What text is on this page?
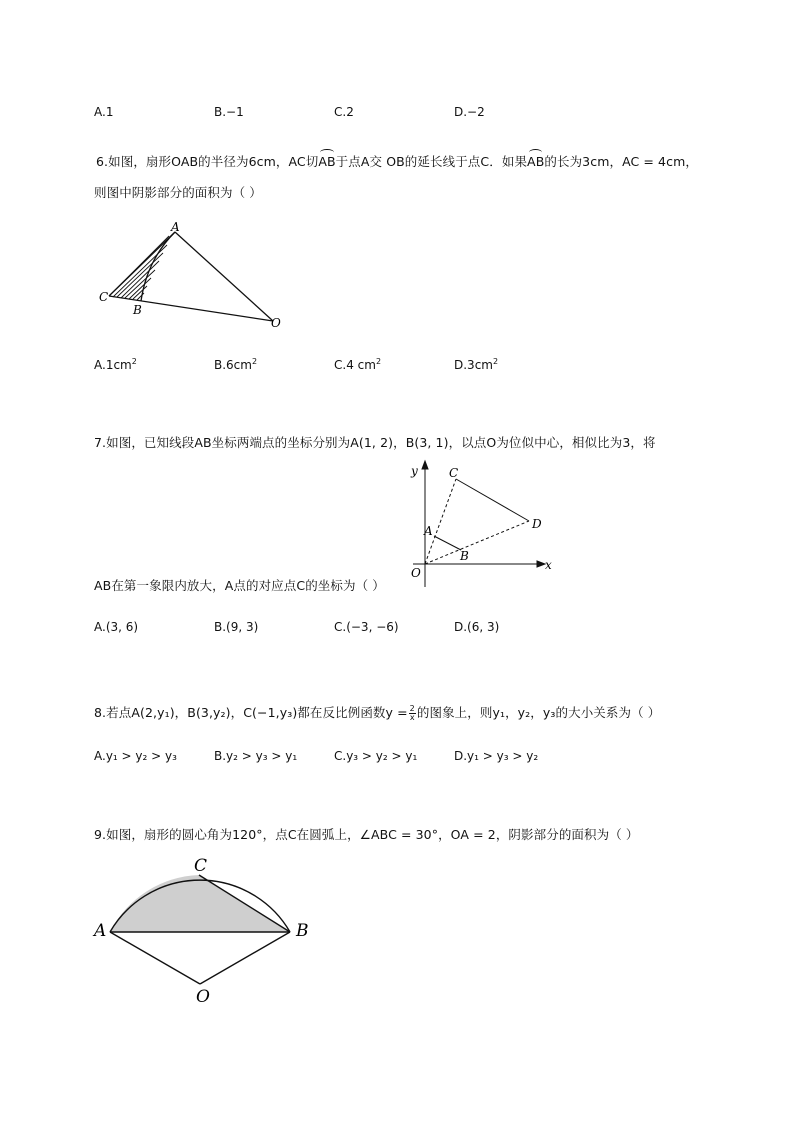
A.1	B.−1	C.2	D.−2
6.如图，扇形OAB的半径为6cm，AC切AB于点A交 OB的延长线于点C．如果AB的长为3cm，AC = 4cm，
则图中阴影部分的面积为（ ）
A
C
B
O
$A.1cm^2$	$B.6cm^2$	C.4 $cm^2$	$D.3cm^2$
7.如图，已知线段AB坐标两端点的坐标分别为A(1, 2)，B(3, 1)，以点O为位似中心，相似比为3，将
y
x
C
D
A
B
O
AB在第一象限内放大，A点的对应点C的坐标为（ ）
A.(3, 6)	B.(9, 3)	C.(−3, −6)	D.(6, 3)
8.若点A(2,y₁)，B(3,y₂)，C(−1,y₃)都在反比例函数$y = \frac{2}{x}$ 的图象上，则y₁，y₂，y₃的大小关系为（ ）
A.y₁ > y₂ > y₃	B.y₂ > y₃ > y₁	C.y₃ > y₂ > y₁	D.y₁ > y₃ > y₂
9.如图，扇形的圆心角为120°，点C在圆弧上，∠ABC = 30°，OA = 2，阴影部分的面积为（ ）
C
A	B
O
